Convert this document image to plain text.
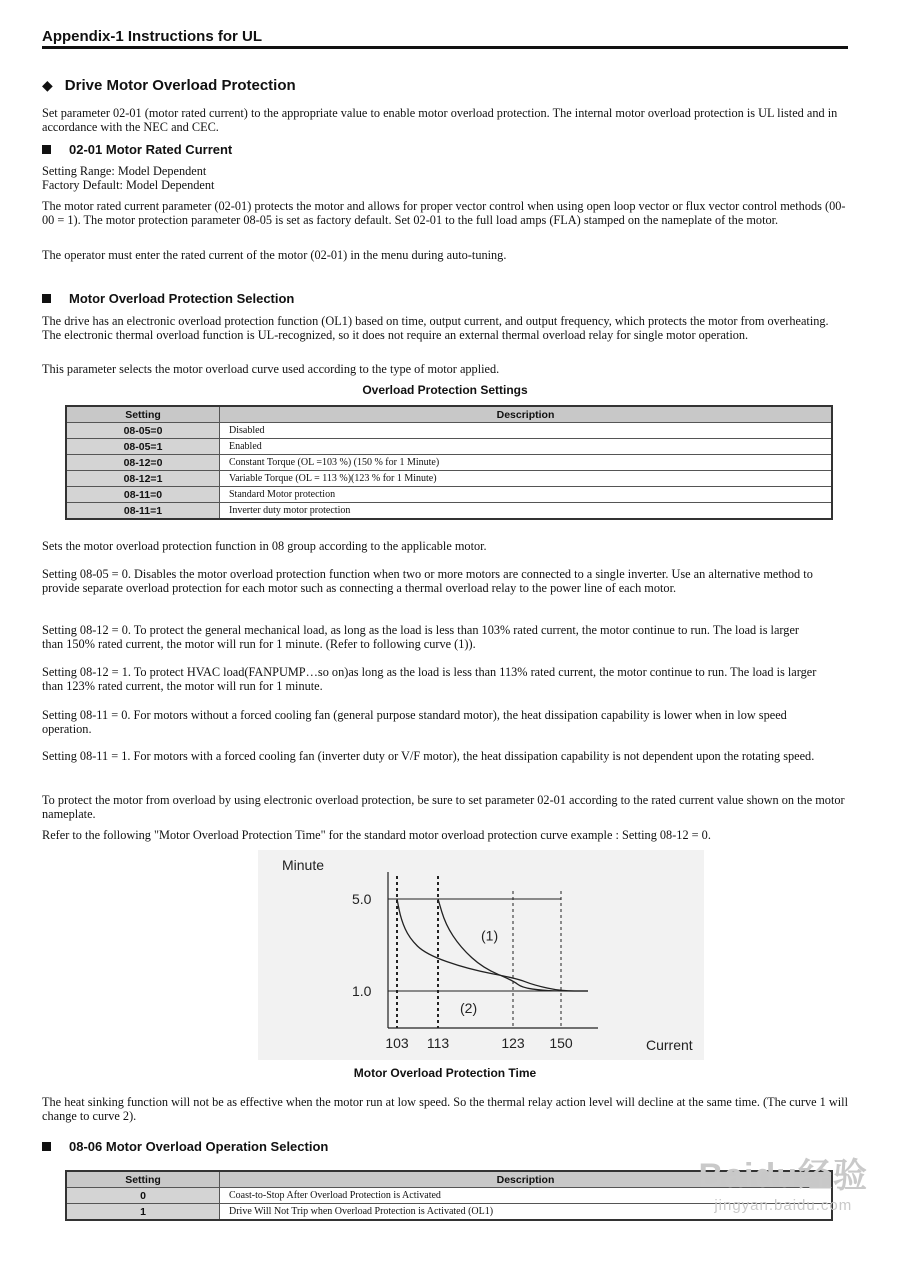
Appendix-1 Instructions for UL
◆ Drive Motor Overload Protection

Set parameter 02-01 (motor rated current) to the appropriate value to enable motor overload protection. The internal motor overload protection is UL listed and in accordance with the NEC and CEC.

02-01 Motor Rated Current

Setting Range: Model Dependent

Factory Default: Model Dependent

The motor rated current parameter (02-01) protects the motor and allows for proper vector control when using open loop vector or flux vector control methods (00-00 = 1). The motor protection parameter 08-05 is set as factory default. Set 02-01 to the full load amps (FLA) stamped on the nameplate of the motor.

The operator must enter the rated current of the motor (02-01) in the menu during auto-tuning.

Motor Overload Protection Selection

The drive has an electronic overload protection function (OL1) based on time, output current, and output frequency, which protects the motor from overheating. The electronic thermal overload function is UL-recognized, so it does not require an external thermal overload relay for single motor operation.

This parameter selects the motor overload curve used according to the type of motor applied.

Overload Protection Settings
Setting	Description
08-05=0	Disabled
08-05=1	Enabled
08-12=0	Constant Torque (OL =103 %) (150 % for 1 Minute)
08-12=1	Variable Torque (OL = 113 %)(123 % for 1 Minute)
08-11=0	Standard Motor protection
08-11=1	Inverter duty motor protection

Sets the motor overload protection function in 08 group according to the applicable motor.

Setting 08-05 = 0. Disables the motor overload protection function when two or more motors are connected to a single inverter. Use an alternative method to provide separate overload protection for each motor such as connecting a thermal overload relay to the power line of each motor.

Setting 08-12 = 0. To protect the general mechanical load, as long as the load is less than 103% rated current, the motor continue to run. The load is larger than 150% rated current, the motor will run for 1 minute. (Refer to following curve (1)).

Setting 08-12 = 1. To protect HVAC load(FANPUMP…so on)as long as the load is less than 113% rated current, the motor continue to run. The load is larger than 123% rated current, the motor will run for 1 minute.

Setting 08-11 = 0. For motors without a forced cooling fan (general purpose standard motor), the heat dissipation capability is lower when in low speed operation.

Setting 08-11 = 1. For motors with a forced cooling fan (inverter duty or V/F motor), the heat dissipation capability is not dependent upon the rotating speed.

To protect the motor from overload by using electronic overload protection, be sure to set parameter 02-01 according to the rated current value shown on the motor nameplate.

Refer to the following "Motor Overload Protection Time" for the standard motor overload protection curve example : Setting 08-12 = 0.

1.0
5.0
103 113	123 150
(1)
(2)
Minute
Current
Motor Overload Protection Time

The heat sinking function will not be as effective when the motor run at low speed. So the thermal relay action level will decline at the same time. (The curve 1 will change to curve 2).

08-06 Motor Overload Operation Selection
Setting	Description
0	Coast-to-Stop After Overload Protection is Activated
1	Drive Will Not Trip when Overload Protection is Activated (OL1)
Baidu经验
jingyan.baidu.com
